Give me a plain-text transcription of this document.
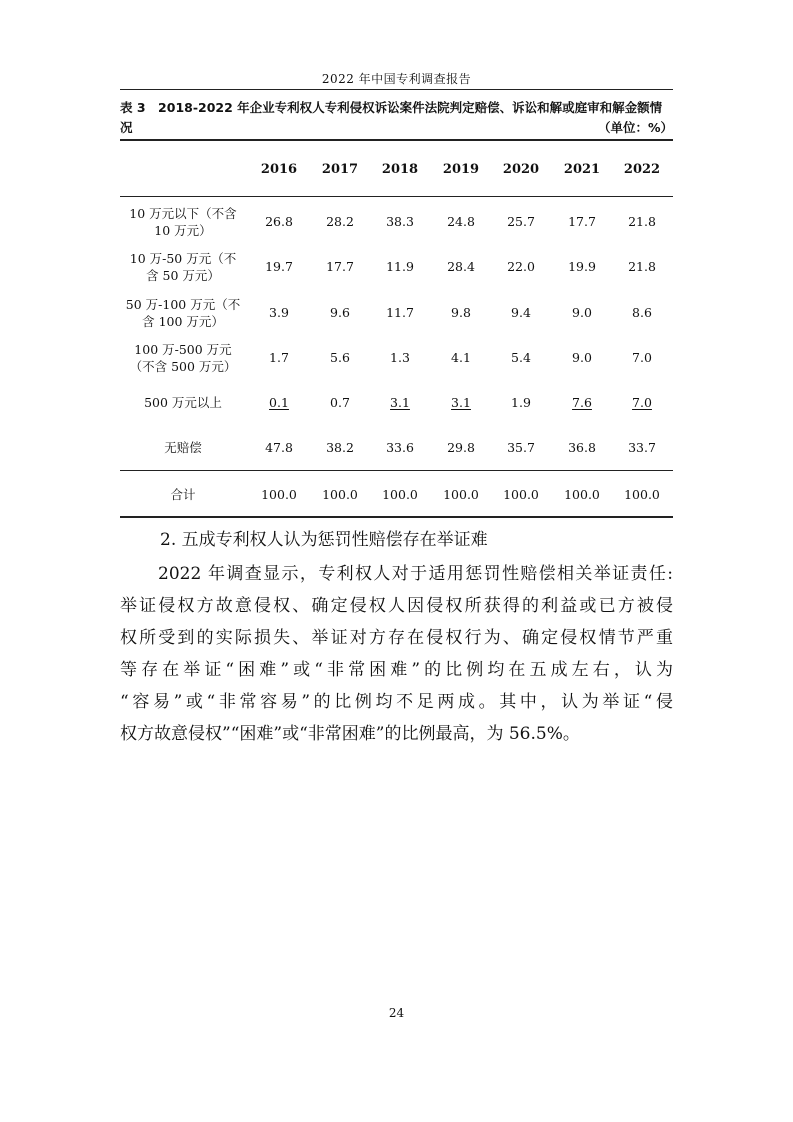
2022 年中国专利调查报告
表 3　2018-2022 年企业专利权人专利侵权诉讼案件法院判定赔偿、诉讼和解或庭审和解金额情
况	（单位：%）
2016	2017	2018	2019	2020	2021	2022
10 万元以下（不含
10 万元）
26.8	28.2	38.3	24.8	25.7	17.7	21.8
10 万-50 万元（不
含 50 万元）
19.7	17.7	11.9	28.4	22.0	19.9	21.8
50 万-100 万元（不
含 100 万元）
3.9	9.6	11.7	9.8	9.4	9.0	8.6
100 万-500 万元
（不含 500 万元）
1.7	5.6	1.3	4.1	5.4	9.0	7.0
500 万元以上	0.1	0.7	3.1	3.1	1.9	7.6	7.0
无赔偿	47.8	38.2	33.6	29.8	35.7	36.8	33.7
合计	100.0	100.0	100.0	100.0	100.0	100.0	100.0
2. 五成专利权人认为惩罚性赔偿存在举证难
2022 年调查显示，专利权人对于适用惩罚性赔偿相关举证责任:
举证侵权方故意侵权、确定侵权人因侵权所获得的利益或已方被侵
权所受到的实际损失、举证对方存在侵权行为、确定侵权情节严重
等存在举证“困难”或“非常困难”的比例均在五成左右，认为
“容易”或“非常容易”的比例均不足两成。其中，认为举证“侵
权方故意侵权”“困难”或“非常困难”的比例最高，为 56.5%。
24
